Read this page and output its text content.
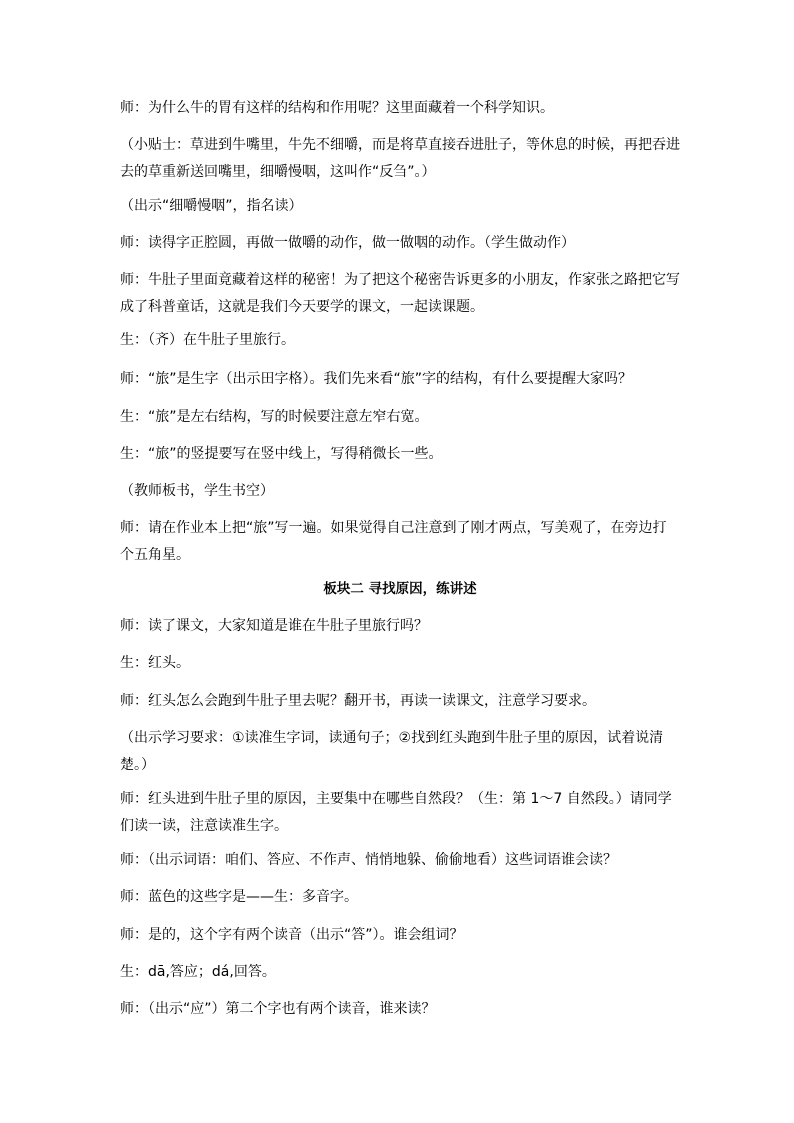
师：为什么牛的胃有这样的结构和作用呢？这里面藏着一个科学知识。
（小贴士：草进到牛嘴里，牛先不细嚼，而是将草直接吞进肚子，等休息的时候，再把吞进去的草重新送回嘴里，细嚼慢咽，这叫作“反刍”。）
（出示“细嚼慢咽”，指名读）
师：读得字正腔圆，再做一做嚼的动作，做一做咽的动作。（学生做动作）
师：牛肚子里面竟藏着这样的秘密！为了把这个秘密告诉更多的小朋友，作家张之路把它写成了科普童话，这就是我们今天要学的课文，一起读课题。
生：（齐）在牛肚子里旅行。
师：“旅”是生字（出示田字格）。我们先来看“旅”字的结构，有什么要提醒大家吗？
生：“旅”是左右结构，写的时候要注意左窄右宽。
生：“旅”的竖提要写在竖中线上，写得稍微长一些。
（教师板书，学生书空）
师：请在作业本上把“旅”写一遍。如果觉得自己注意到了刚才两点，写美观了，在旁边打个五角星。
板块二 寻找原因，练讲述
师：读了课文，大家知道是谁在牛肚子里旅行吗？
生：红头。
师：红头怎么会跑到牛肚子里去呢？翻开书，再读一读课文，注意学习要求。
（出示学习要求：①读准生字词，读通句子；②找到红头跑到牛肚子里的原因，试着说清楚。）
师：红头进到牛肚子里的原因，主要集中在哪些自然段？（生：第 1～7 自然段。）请同学们读一读，注意读准生字。
师：（出示词语：咱们、答应、不作声、悄悄地躲、偷偷地看）这些词语谁会读？
师：蓝色的这些字是——生：多音字。
师：是的，这个字有两个读音（出示“答”）。谁会组词？
生：dā,答应；dá,回答。
师：（出示“应”）第二个字也有两个读音，谁来读？
